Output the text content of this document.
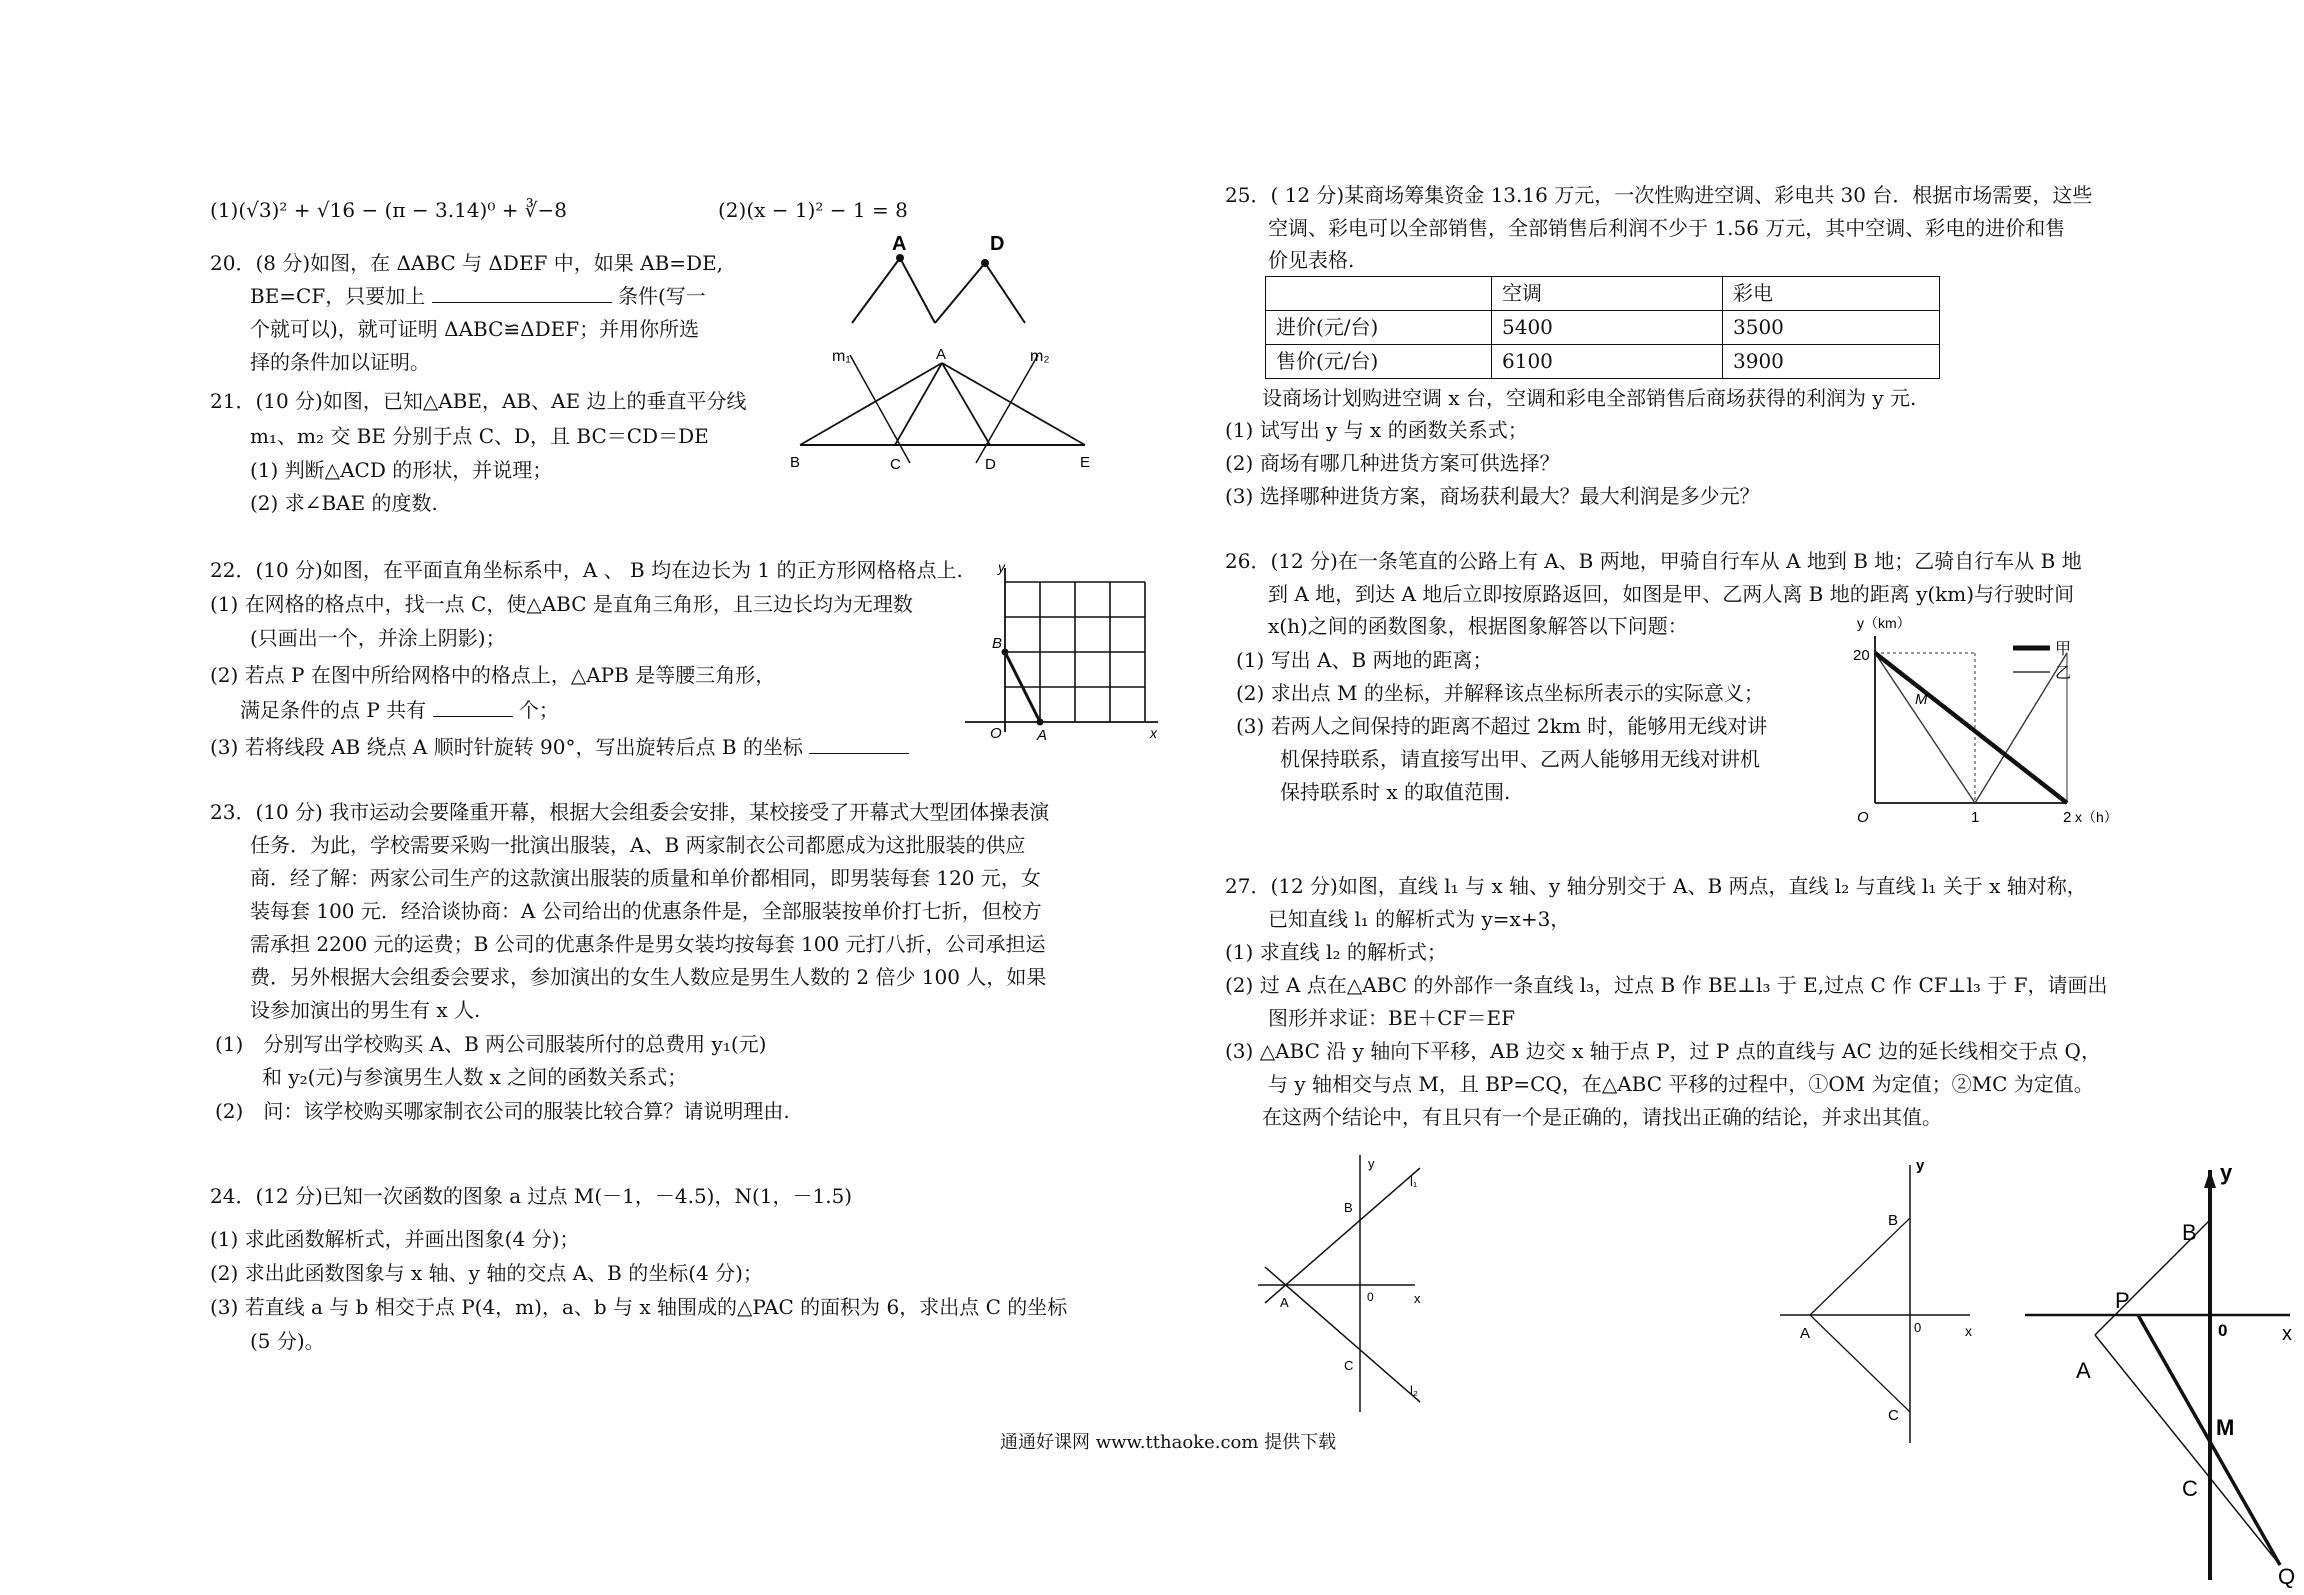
(1)(√3)² + √16 − (π − 3.14)⁰ + ∛−8	(2)(x − 1)² − 1 = 8
20．(8 分)如图，在 ΔABC 与 ΔDEF 中，如果 AB=DE,
BE=CF，只要加上	条件(写一
个就可以)，就可证明 ΔABC≌ΔDEF；并用你所选
择的条件加以证明。
A	D
21．(10 分)如图，已知△ABE，AB、AE 边上的垂直平分线
m₁、m₂ 交 BE 分别于点 C、D，且 BC＝CD＝DE
(1) 判断△ACD 的形状，并说理；
(2) 求∠BAE 的度数.
m₁	A	m₂
B	C	D	E
22．(10 分)如图，在平面直角坐标系中，A 、 B 均在边长为 1 的正方形网格格点上.
(1) 在网格的格点中，找一点 C，使△ABC 是直角三角形，且三边长均为无理数
(只画出一个，并涂上阴影)；
(2) 若点 P 在图中所给网格中的格点上，△APB 是等腰三角形，
满足条件的点 P 共有	个；
(3) 若将线段 AB 绕点 A 顺时针旋转 90°，写出旋转后点 B 的坐标
y
B
O A	x
23．(10 分) 我市运动会要隆重开幕，根据大会组委会安排，某校接受了开幕式大型团体操表演
任务．为此，学校需要采购一批演出服装，A、B 两家制衣公司都愿成为这批服装的供应
商．经了解：两家公司生产的这款演出服装的质量和单价都相同，即男装每套 120 元，女
装每套 100 元．经洽谈协商：A 公司给出的优惠条件是，全部服装按单价打七折，但校方
需承担 2200 元的运费；B 公司的优惠条件是男女装均按每套 100 元打八折，公司承担运
费．另外根据大会组委会要求，参加演出的女生人数应是男生人数的 2 倍少 100 人，如果
设参加演出的男生有 x 人.
(1)　分别写出学校购买 A、B 两公司服装所付的总费用 y₁(元)
和 y₂(元)与参演男生人数 x 之间的函数关系式；
(2)　问：该学校购买哪家制衣公司的服装比较合算？请说明理由.
24．(12 分)已知一次函数的图象 a 过点 M(－1，－4.5)，N(1，－1.5)
(1) 求此函数解析式，并画出图象(4 分)；
(2) 求出此函数图象与 x 轴、y 轴的交点 A、B 的坐标(4 分)；
(3) 若直线 a 与 b 相交于点 P(4，m)，a、b 与 x 轴围成的△PAC 的面积为 6，求出点 C 的坐标
(5 分)。
25．( 12 分)某商场筹集资金 13.16 万元，一次性购进空调、彩电共 30 台．根据市场需要，这些
空调、彩电可以全部销售，全部销售后利润不少于 1.56 万元，其中空调、彩电的进价和售
价见表格.
	空调	彩电
进价(元/台)	5400	3500
售价(元/台)	6100	3900
设商场计划购进空调 x 台，空调和彩电全部销售后商场获得的利润为 y 元.
(1) 试写出 y 与 x 的函数关系式；
(2) 商场有哪几种进货方案可供选择？
(3) 选择哪种进货方案，商场获利最大？最大利润是多少元？
26．(12 分)在一条笔直的公路上有 A、B 两地，甲骑自行车从 A 地到 B 地；乙骑自行车从 B 地
到 A 地，到达 A 地后立即按原路返回，如图是甲、乙两人离 B 地的距离 y(km)与行驶时间
x(h)之间的函数图象，根据图象解答以下问题：
(1) 写出 A、B 两地的距离；
(2) 求出点 M 的坐标，并解释该点坐标所表示的实际意义；
(3) 若两人之间保持的距离不超过 2km 时，能够用无线对讲
机保持联系，请直接写出甲、乙两人能够用无线对讲机
保持联系时 x 的取值范围.
y（km）
20
O	1	2 x（h）
M
甲
乙
27．(12 分)如图，直线 l₁ 与 x 轴、y 轴分别交于 A、B 两点，直线 l₂ 与直线 l₁ 关于 x 轴对称，
已知直线 l₁ 的解析式为 y=x+3，
(1) 求直线 l₂ 的解析式；
(2) 过 A 点在△ABC 的外部作一条直线 l₃，过点 B 作 BE⊥l₃ 于 E,过点 C 作 CF⊥l₃ 于 F，请画出
图形并求证：BE＋CF＝EF
(3) △ABC 沿 y 轴向下平移，AB 边交 x 轴于点 P，过 P 点的直线与 AC 边的延长线相交于点 Q，
与 y 轴相交与点 M，且 BP=CQ，在△ABC 平移的过程中，①OM 为定值；②MC 为定值。
在这两个结论中，有且只有一个是正确的，请找出正确的结论，并求出其值。
y
l₁
B
A	0	x
C
l₂
y
B
A	0	x
C
y
B
P
0	x
A
M
C
Q
通通好课网 www.tthaoke.com 提供下载
